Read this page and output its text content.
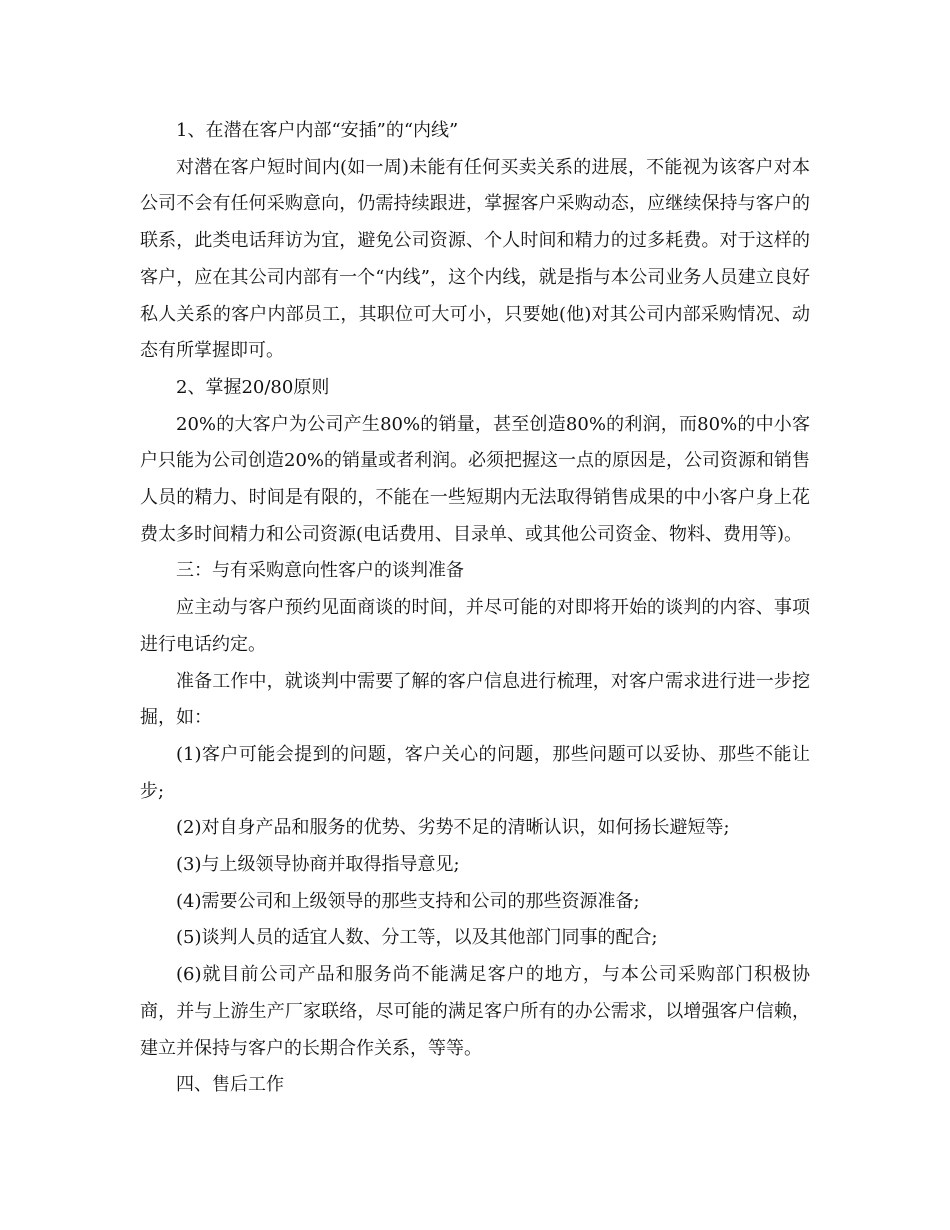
1、在潜在客户内部“安插”的“内线”

对潜在客户短时间内(如一周)未能有任何买卖关系的进展，不能视为该客户对本公司不会有任何采购意向，仍需持续跟进，掌握客户采购动态，应继续保持与客户的联系，此类电话拜访为宜，避免公司资源、个人时间和精力的过多耗费。对于这样的客户，应在其公司内部有一个“内线”，这个内线，就是指与本公司业务人员建立良好私人关系的客户内部员工，其职位可大可小，只要她(他)对其公司内部采购情况、动态有所掌握即可。

2、掌握20/80原则

20%的大客户为公司产生80%的销量，甚至创造80%的利润，而80%的中小客户只能为公司创造20%的销量或者利润。必须把握这一点的原因是，公司资源和销售人员的精力、时间是有限的，不能在一些短期内无法取得销售成果的中小客户身上花费太多时间精力和公司资源(电话费用、目录单、或其他公司资金、物料、费用等)。

三：与有采购意向性客户的谈判准备

应主动与客户预约见面商谈的时间，并尽可能的对即将开始的谈判的内容、事项进行电话约定。

准备工作中，就谈判中需要了解的客户信息进行梳理，对客户需求进行进一步挖掘，如：

(1)客户可能会提到的问题，客户关心的问题，那些问题可以妥协、那些不能让步;

(2)对自身产品和服务的优势、劣势不足的清晰认识，如何扬长避短等;

(3)与上级领导协商并取得指导意见;

(4)需要公司和上级领导的那些支持和公司的那些资源准备;

(5)谈判人员的适宜人数、分工等，以及其他部门同事的配合;

(6)就目前公司产品和服务尚不能满足客户的地方，与本公司采购部门积极协商，并与上游生产厂家联络，尽可能的满足客户所有的办公需求，以增强客户信赖，建立并保持与客户的长期合作关系，等等。

四、售后工作
